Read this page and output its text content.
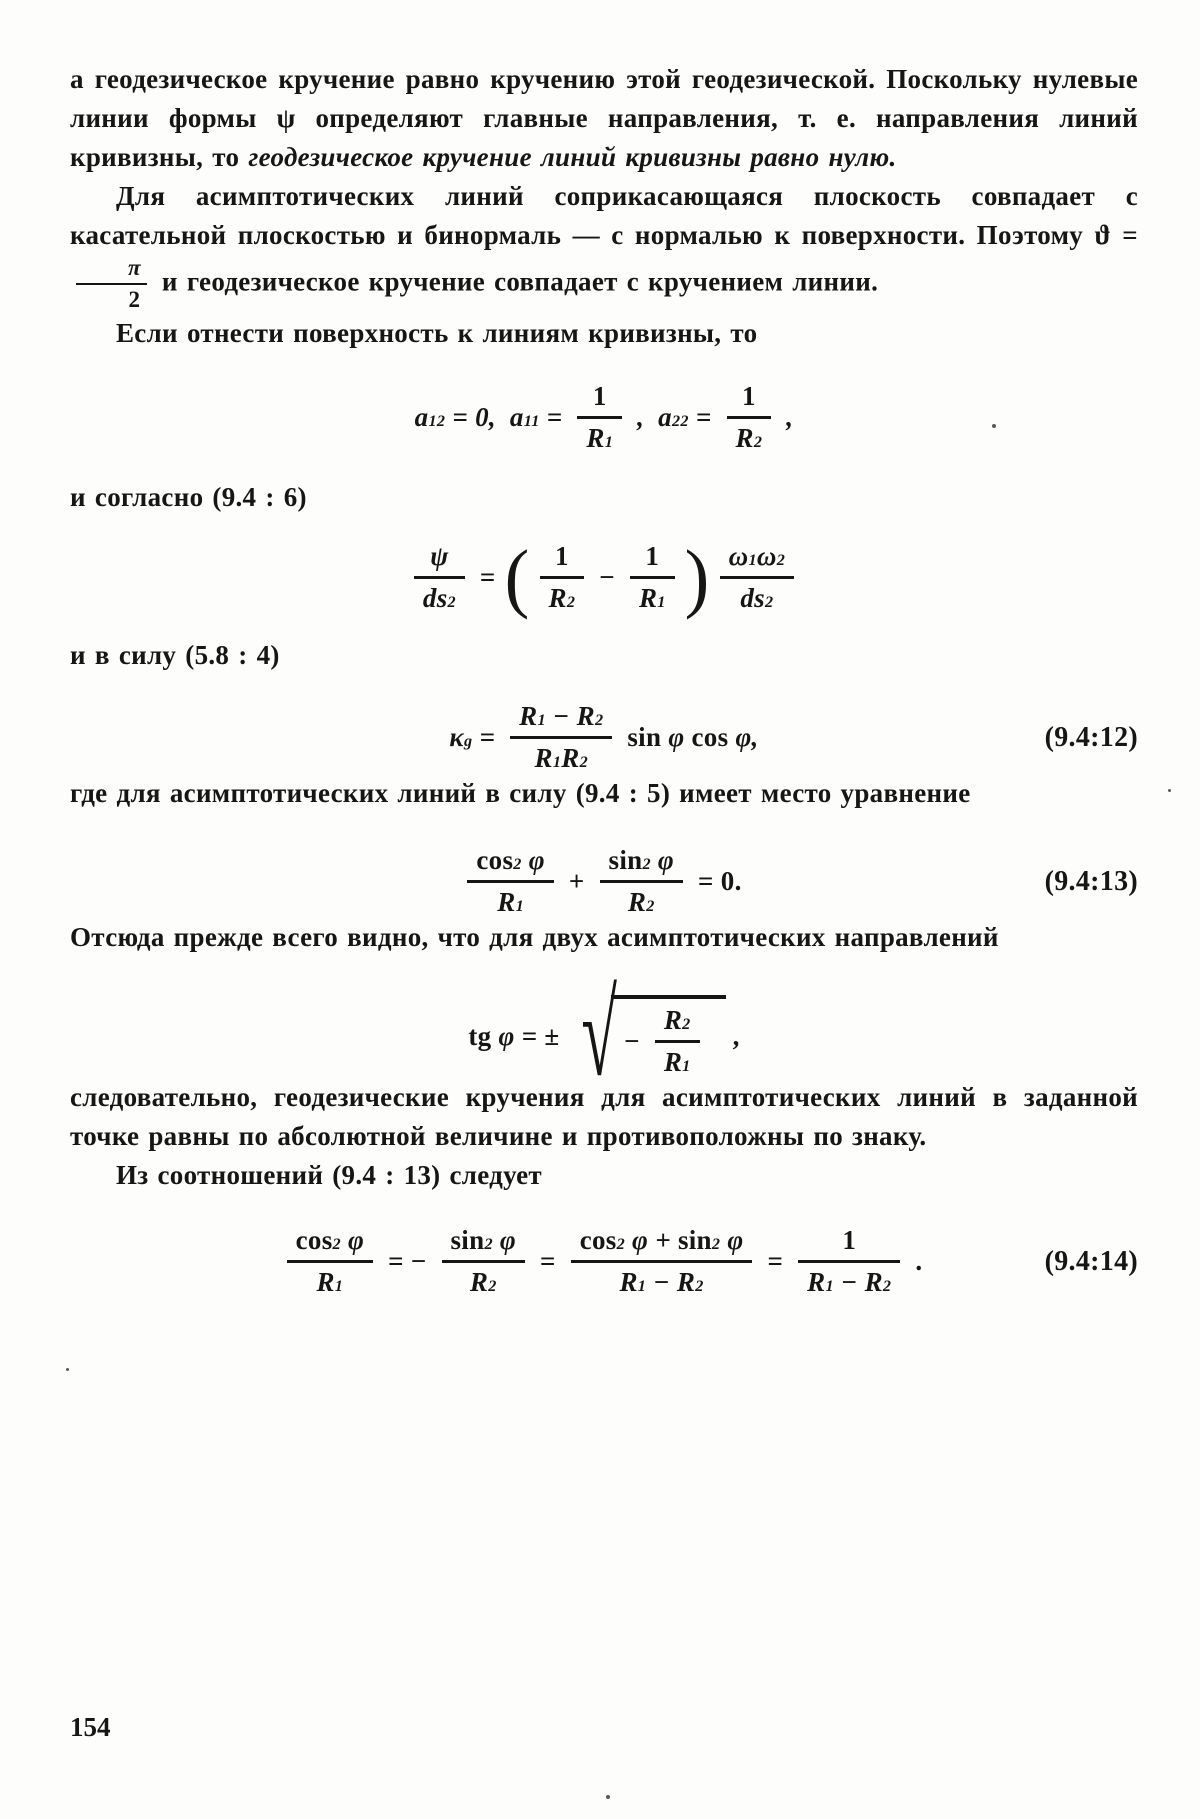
а геодезическое кручение равно кручению этой геодезической. Поскольку нулевые линии формы ψ определяют главные направления, т. е. направления линий кривизны, то геодезическое кручение линий кривизны равно нулю.

Для асимптотических линий соприкасающаяся плоскость совпадает с касательной плоскостью и бинормаль — с нормалью к поверхности. Поэтому ϑ =
$\frac{\pi}{2}$ и геодезическое кручение совпадает с кручением линии.

Если отнести поверхность к линиям кривизны, то

$a_{12} = 0$, $a_{11} = \frac{1}{R_1}$ , $a_{22} = \frac{1}{R_2}$ ,

и согласно (9.4 : 6)

$\frac{\psi}{ds^2}$ = ( $\frac{1}{R_2} - \frac{1}{R_1}$ ) $\frac{\omega^1\omega^2}{ds^2}$

и в силу (5.8 : 4)

$\kappa_g = \frac{R_1 - R_2}{R_1R_2}$ sin φ cos φ,	(9.4:12)

где для асимптотических линий в силу (9.4 : 5) имеет место уравнение

$\frac{\cos^2 \varphi}{R_1} + \frac{\sin^2 \varphi}{R_2} = 0$.	(9.4:13)

Отсюда прежде всего видно, что для двух асимптотических направлений

tg φ = ± √ − $\frac{R_2}{R_1}$ ,

следовательно, геодезические кручения для асимптотических линий в заданной точке равны по абсолютной величине и противоположны по знаку.

Из соотношений (9.4 : 13) следует

$\frac{\cos^2 \varphi}{R_1}$ = − $\frac{\sin^2 \varphi}{R_2} = \frac{\cos^2 \varphi + \sin^2 \varphi}{R_1 - R_2} = \frac{1}{R_1 - R_2}$ .	(9.4:14)
154
